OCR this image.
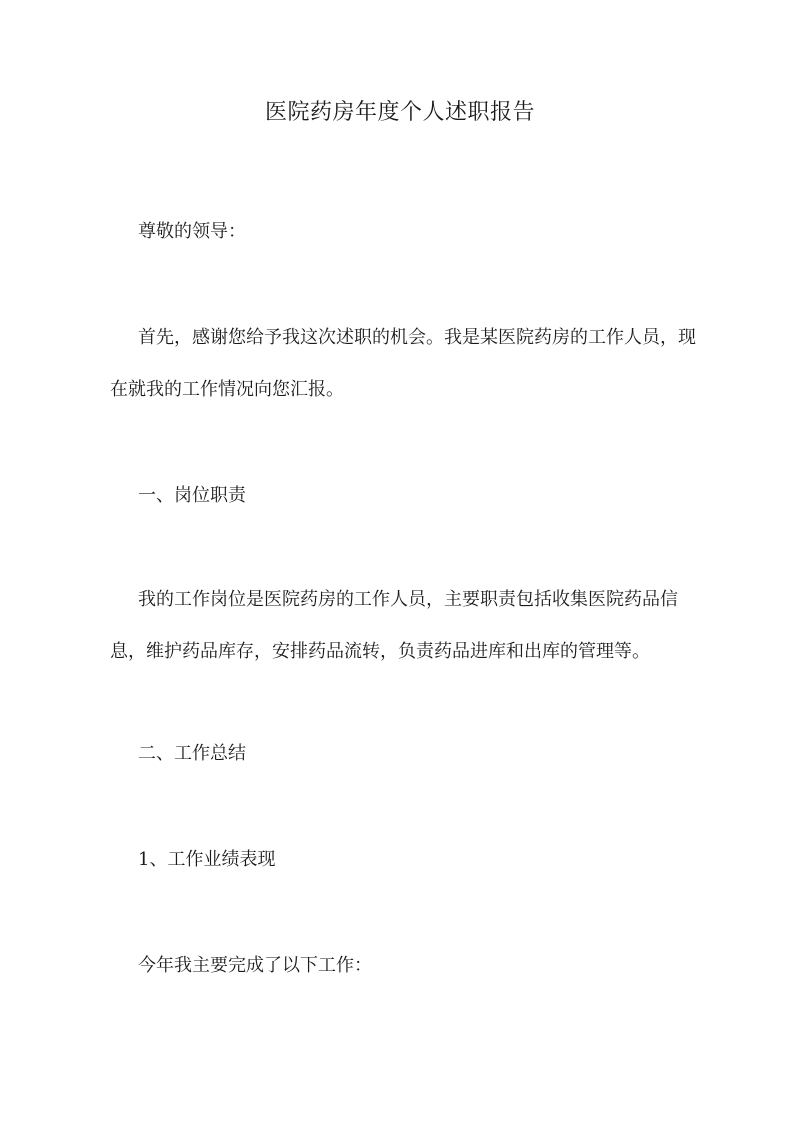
医院药房年度个人述职报告

尊敬的领导：

首先，感谢您给予我这次述职的机会。我是某医院药房的工作人员，现在就我的工作情况向您汇报。

一、岗位职责

我的工作岗位是医院药房的工作人员，主要职责包括收集医院药品信息，维护药品库存，安排药品流转，负责药品进库和出库的管理等。

二、工作总结

1、工作业绩表现

今年我主要完成了以下工作：
